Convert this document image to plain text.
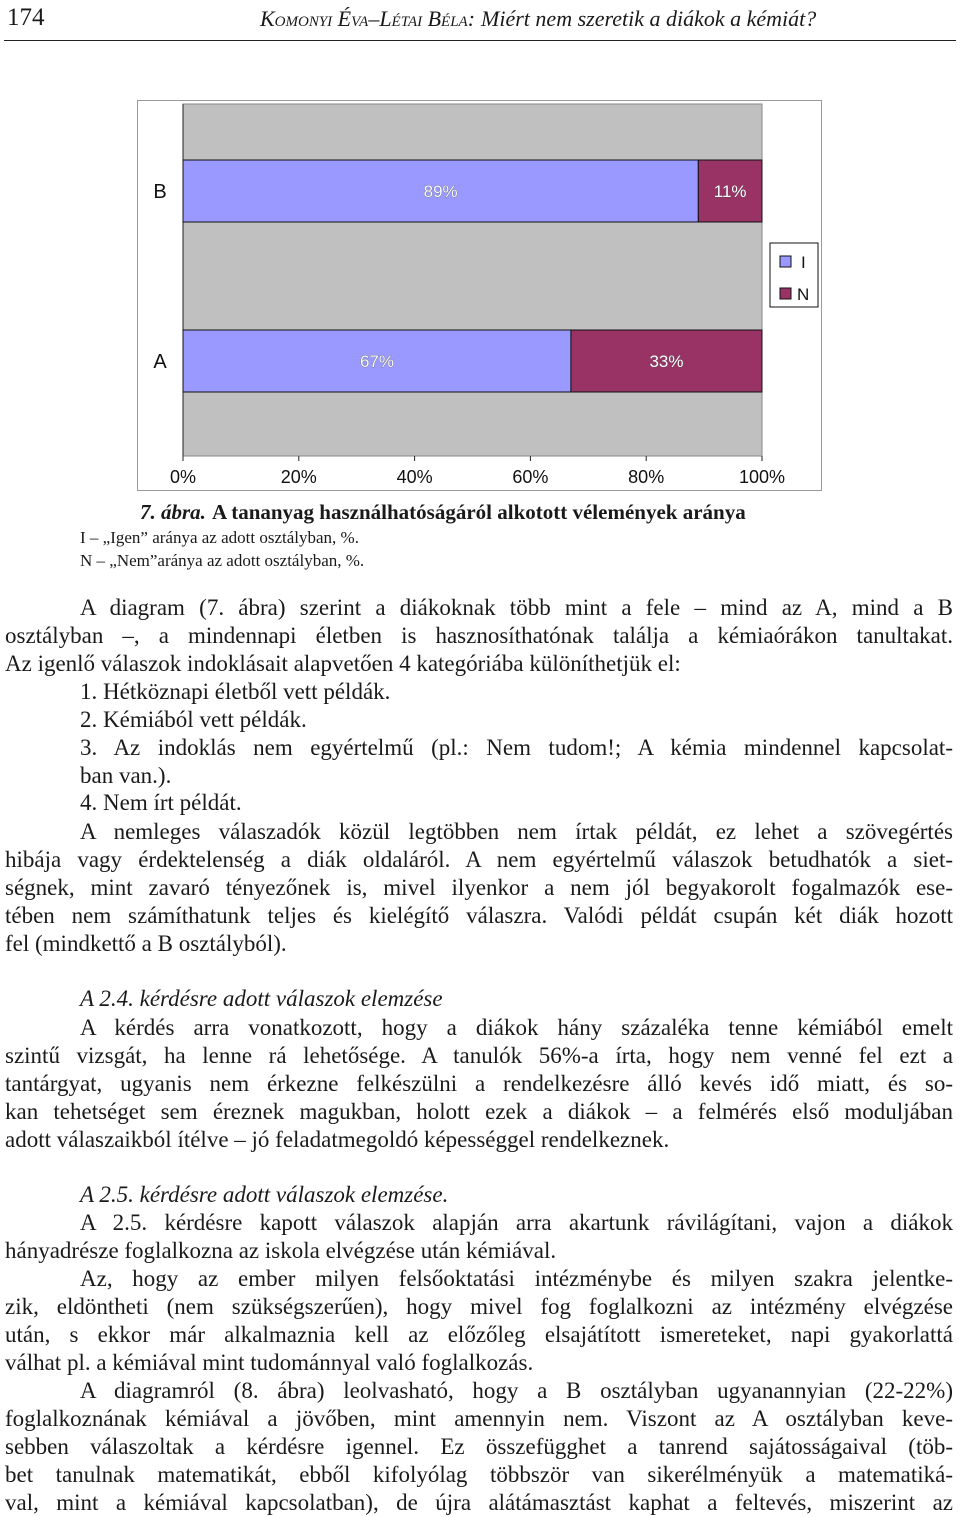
174	Komonyi Éva–Létai Béla: Miért nem szeretik a diákok a kémiát?
B	89%	11%
A	67%	33%
I
N
0%	20%	40%	60%	80%	100%
7. ábra. A tananyag használhatóságáról alkotott vélemények aránya
I – „Igen” aránya az adott osztályban, %.
N – „Nem”aránya az adott osztályban, %.
A diagram (7. ábra) szerint a diákoknak több mint a fele – mind az A, mind a B
osztályban –, a mindennapi életben is hasznosíthatónak találja a kémiaórákon tanultakat.
Az igenlő válaszok indoklásait alapvetően 4 kategóriába különíthetjük el:
1. Hétköznapi életből vett példák.
2. Kémiából vett példák.
3. Az indoklás nem egyértelmű (pl.: Nem tudom!; A kémia mindennel kapcsolat-
ban van.).
4. Nem írt példát.
A nemleges válaszadók közül legtöbben nem írtak példát, ez lehet a szövegértés
hibája vagy érdektelenség a diák oldaláról. A nem egyértelmű válaszok betudhatók a siet-
ségnek, mint zavaró tényezőnek is, mivel ilyenkor a nem jól begyakorolt fogalmazók ese-
tében nem számíthatunk teljes és kielégítő válaszra. Valódi példát csupán két diák hozott
fel (mindkettő a B osztályból).
A 2.4. kérdésre adott válaszok elemzése
A kérdés arra vonatkozott, hogy a diákok hány százaléka tenne kémiából emelt
szintű vizsgát, ha lenne rá lehetősége. A tanulók 56%-a írta, hogy nem venné fel ezt a
tantárgyat, ugyanis nem érkezne felkészülni a rendelkezésre álló kevés idő miatt, és so-
kan tehetséget sem éreznek magukban, holott ezek a diákok – a felmérés első moduljában
adott válaszaikból ítélve – jó feladatmegoldó képességgel rendelkeznek.
A 2.5. kérdésre adott válaszok elemzése.
A 2.5. kérdésre kapott válaszok alapján arra akartunk rávilágítani, vajon a diákok
hányadrésze foglalkozna az iskola elvégzése után kémiával.
Az, hogy az ember milyen felsőoktatási intézménybe és milyen szakra jelentke-
zik, eldöntheti (nem szükségszerűen), hogy mivel fog foglalkozni az intézmény elvégzése
után, s ekkor már alkalmaznia kell az előzőleg elsajátított ismereteket, napi gyakorlattá
válhat pl. a kémiával mint tudománnyal való foglalkozás.
A diagramról (8. ábra) leolvasható, hogy a B osztályban ugyanannyian (22-22%)
foglalkoznának kémiával a jövőben, mint amennyin nem. Viszont az A osztályban keve-
sebben válaszoltak a kérdésre igennel. Ez összefügghet a tanrend sajátosságaival (töb-
bet tanulnak matematikát, ebből kifolyólag többször van sikerélményük a matematiká-
val, mint a kémiával kapcsolatban), de újra alátámasztást kaphat a feltevés, miszerint az
